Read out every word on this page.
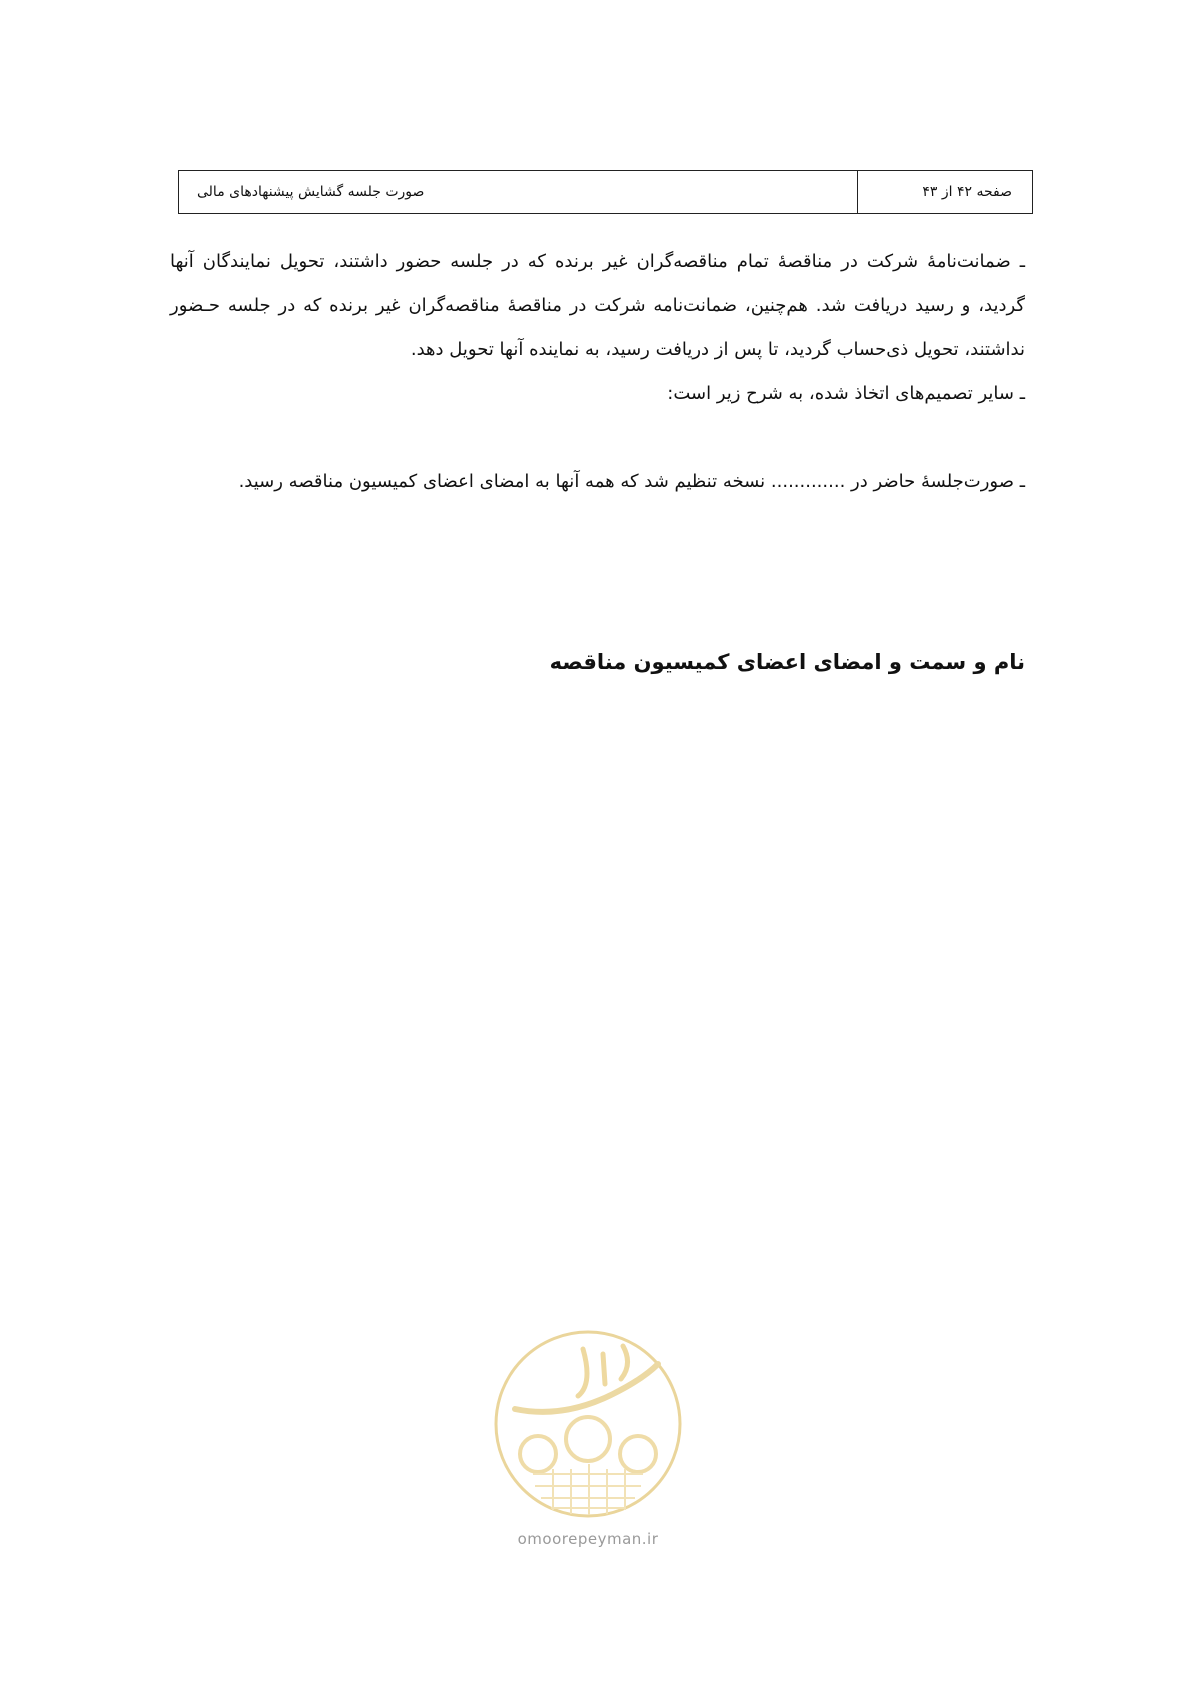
صفحه ۴۲ از ۴۳
صورت جلسه گشایش پیشنهادهای مالی

ـ ضمانت‌نامهٔ شرکت در مناقصهٔ تمام مناقصه‌گران غیر برنده که در جلسه حضور داشتند، تحویل نمایندگان آنها گردید، و رسید دریافت شد. هم‌چنین، ضمانت‌نامه شرکت در مناقصهٔ مناقصه‌گران غیر برنده که در جلسه حـضور نداشتند، تحویل ذی‌حساب گردید، تا پس از دریافت رسید، به نماینده آنها تحویل دهد.

ـ سایر تصمیم‌های اتخاذ شده، به شرح زیر است:

ـ صورت‌جلسهٔ حاضر در ............. نسخه تنظیم شد که همه آنها به امضای اعضای کمیسیون مناقصه رسید.

نام و سمت و امضای اعضای کمیسیون مناقصه
omoorepeyman.ir
